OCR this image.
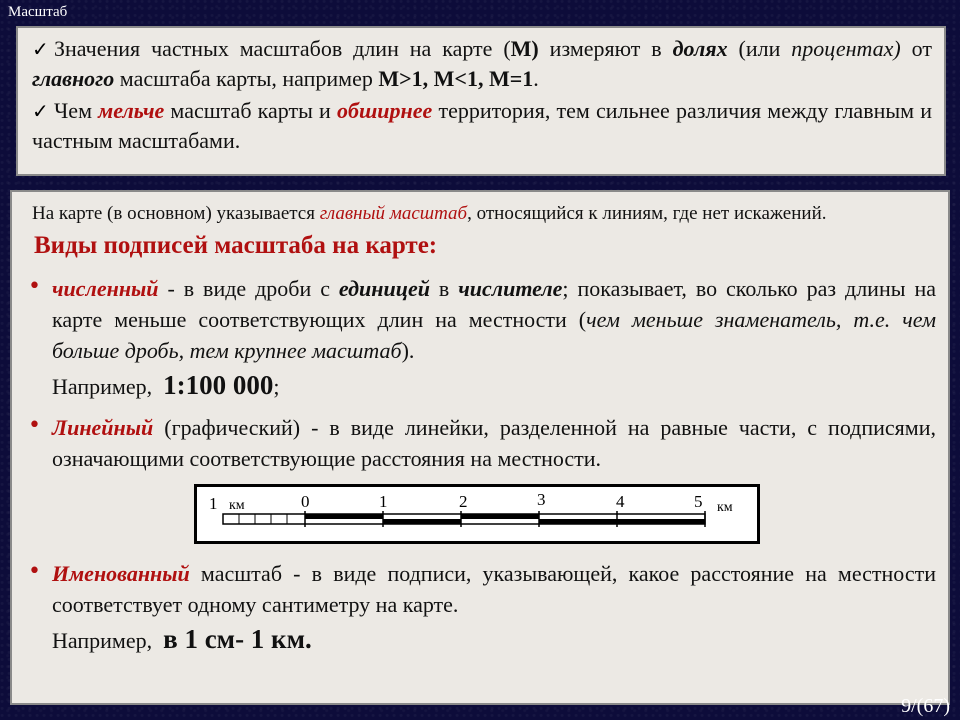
Масштаб

✓ Значения частных масштабов длин на карте (М) измеряют в долях (или процентах) от главного масштаба карты, например М>1, М<1, М=1.

✓ Чем мельче масштаб карты и обширнее территория, тем сильнее различия между главным и частным масштабами.

На карте (в основном) указывается главный масштаб, относящийся к линиям, где нет искажений.

Виды подписей масштаба на карте:

• численный - в виде дроби с единицей в числителе; показывает, во сколько раз длины на карте меньше соответствующих длин на местности (чем меньше знаменатель, т.е. чем больше дробь, тем крупнее масштаб).

Например, 1:100 000;

• Линейный (графический) - в виде линейки, разделенной на равные части, с подписями, означающими соответствующие расстояния на местности.

1 км	0	1	2	3	4	5 км

• Именованный масштаб - в виде подписи, указывающей, какое расстояние на местности соответствует одному сантиметру на карте.

Например, в 1 см- 1 км.

9/(67)
